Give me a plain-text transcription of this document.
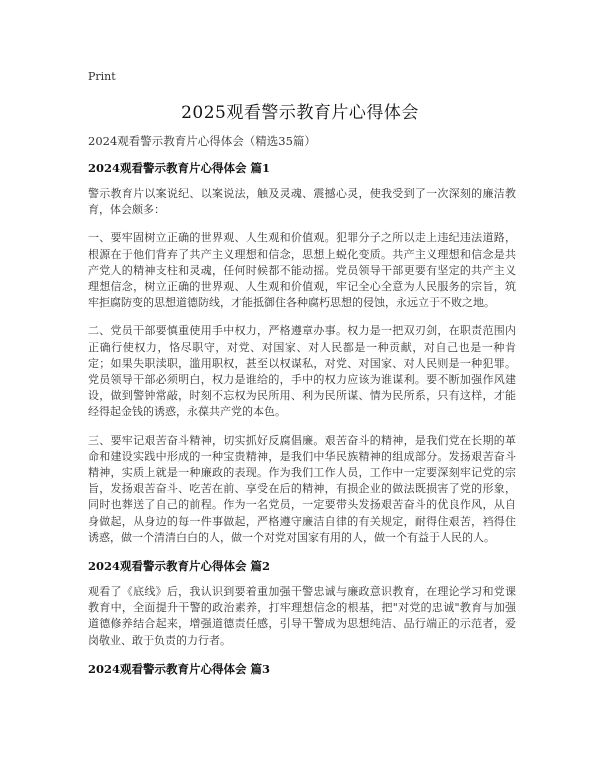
Print
2025观看警示教育片心得体会
2024观看警示教育片心得体会（精选35篇）
2024观看警示教育片心得体会 篇1

警示教育片以案说纪、以案说法，触及灵魂、震撼心灵，使我受到了一次深刻的廉洁教育，体会颇多：

一、要牢固树立正确的世界观、人生观和价值观。犯罪分子之所以走上违纪违法道路，根源在于他们背弃了共产主义理想和信念，思想上蜕化变质。共产主义理想和信念是共产党人的精神支柱和灵魂，任何时候都不能动摇。党员领导干部更要有坚定的共产主义理想信念，树立正确的世界观、人生观和价值观，牢记全心全意为人民服务的宗旨，筑牢拒腐防变的思想道德防线，才能抵御住各种腐朽思想的侵蚀，永远立于不败之地。

二、党员干部要慎重使用手中权力，严格遵章办事。权力是一把双刃剑，在职责范围内正确行使权力，恪尽职守，对党、对国家、对人民都是一种贡献，对自己也是一种肯定；如果失职渎职，滥用职权，甚至以权谋私，对党、对国家、对人民则是一种犯罪。党员领导干部必须明白，权力是谁给的，手中的权力应该为谁谋利。要不断加强作风建设，做到警钟常敲，时刻不忘权为民所用、利为民所谋、情为民所系，只有这样，才能经得起金钱的诱惑，永葆共产党的本色。

三、要牢记艰苦奋斗精神，切实抓好反腐倡廉。艰苦奋斗的精神，是我们党在长期的革命和建设实践中形成的一种宝贵精神，是我们中华民族精神的组成部分。发扬艰苦奋斗精神，实质上就是一种廉政的表现。作为我们工作人员，工作中一定要深刻牢记党的宗旨，发扬艰苦奋斗、吃苦在前、享受在后的精神，有损企业的做法既损害了党的形象，同时也葬送了自己的前程。作为一名党员，一定要带头发扬艰苦奋斗的优良作风，从自身做起，从身边的每一件事做起，严格遵守廉洁自律的有关规定，耐得住艰苦，裆得住诱惑，做一个清清白白的人，做一个对党对国家有用的人，做一个有益于人民的人。

2024观看警示教育片心得体会 篇2

观看了《底线》后，我认识到要着重加强干警忠诚与廉政意识教育，在理论学习和党课教育中，全面提升干警的政治素养，打牢理想信念的根基，把"对党的忠诚"教育与加强道德修养结合起来，增强道德责任感，引导干警成为思想纯洁、品行端正的示范者，爱岗敬业、敢于负责的力行者。

2024观看警示教育片心得体会 篇3
